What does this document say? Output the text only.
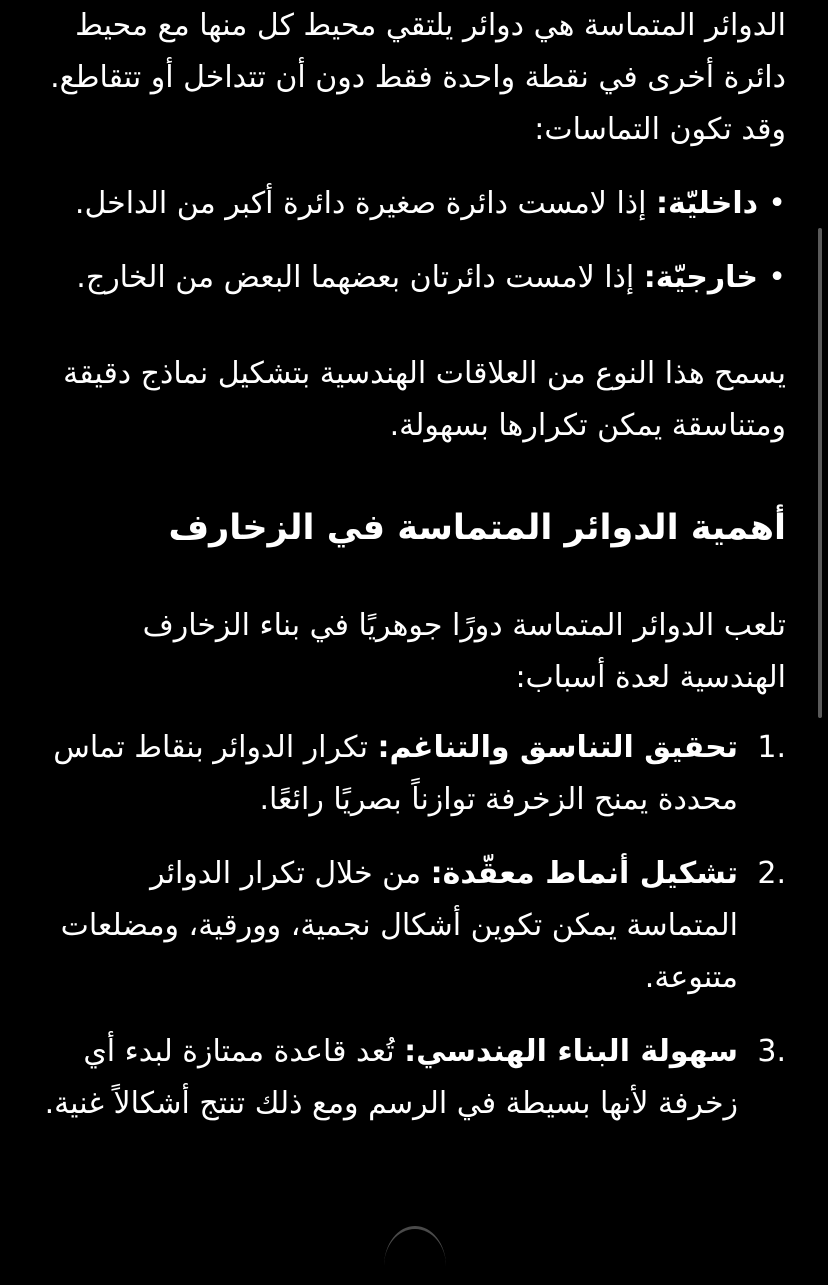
الدوائر المتماسة هي دوائر يلتقي محيط كل منها مع محيط دائرة أخرى في نقطة واحدة فقط دون أن تتداخل أو تتقاطع. وقد تكون التماسات:

•
داخليّة: إذا لامست دائرة صغيرة دائرة أكبر من الداخل.
•
خارجيّة: إذا لامست دائرتان بعضهما البعض من الخارج.

يسمح هذا النوع من العلاقات الهندسية بتشكيل نماذج دقيقة ومتناسقة يمكن تكرارها بسهولة.

أهمية الدوائر المتماسة في الزخارف

تلعب الدوائر المتماسة دورًا جوهريًا في بناء الزخارف الهندسية لعدة أسباب:

1.
تحقيق التناسق والتناغم: تكرار الدوائر بنقاط تماس محددة يمنح الزخرفة توازناً بصريًا رائعًا.
2.
تشكيل أنماط معقّدة: من خلال تكرار الدوائر المتماسة يمكن تكوين أشكال نجمية، وورقية، ومضلعات متنوعة.
3.
سهولة البناء الهندسي: تُعد قاعدة ممتازة لبدء أي زخرفة لأنها بسيطة في الرسم ومع ذلك تنتج أشكالاً غنية.
